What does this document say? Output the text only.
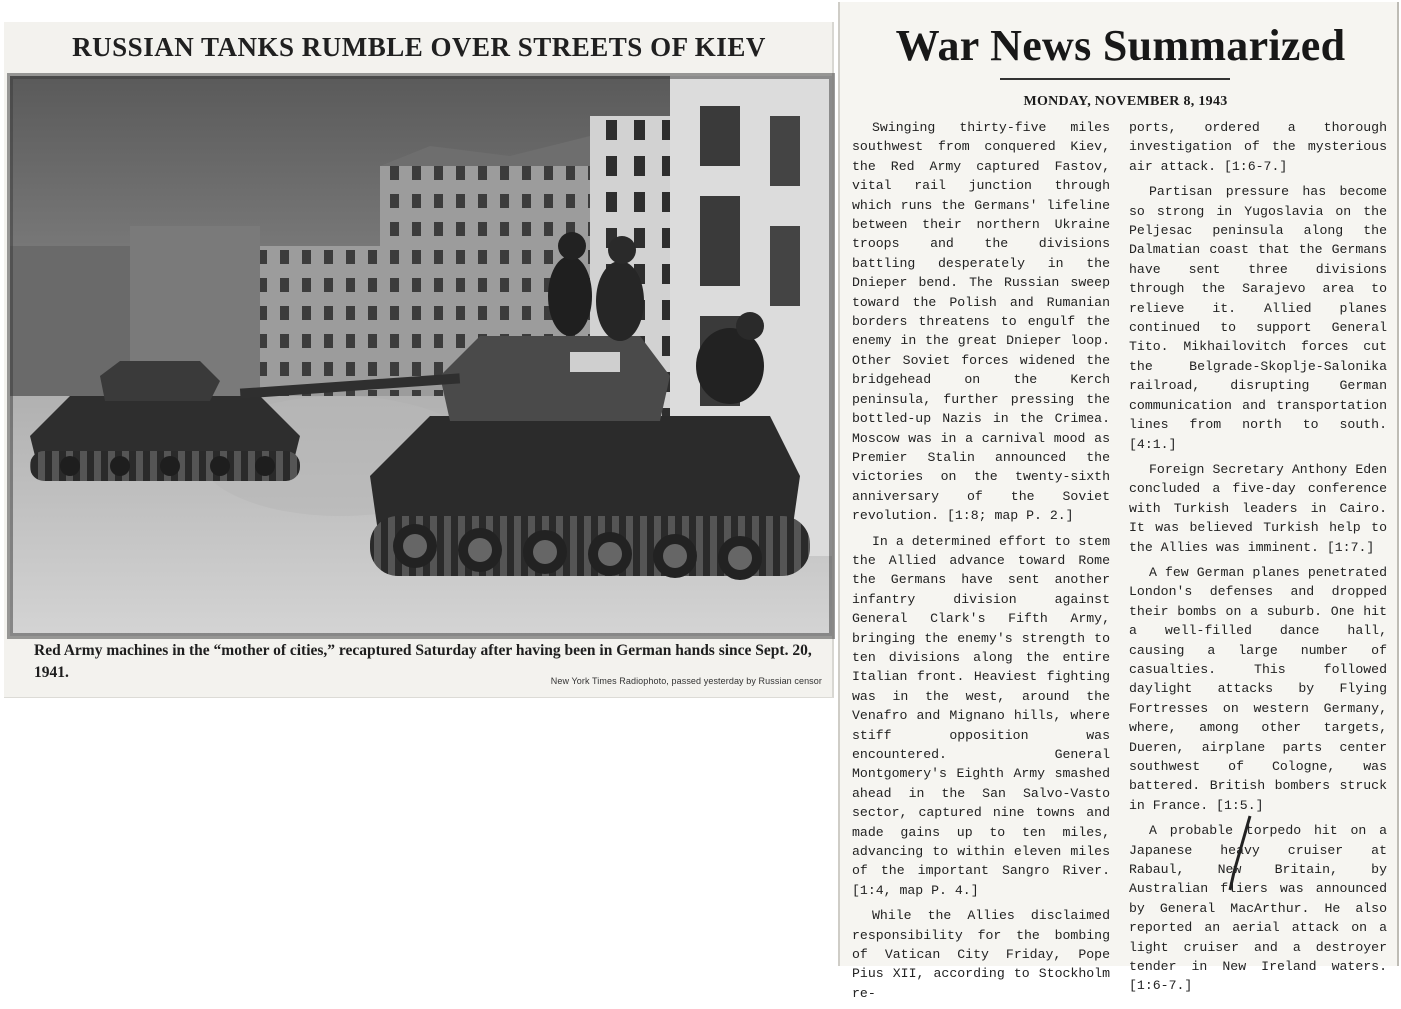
RUSSIAN TANKS RUMBLE OVER STREETS OF KIEV
Red Army machines in the “mother of cities,” recaptured Saturday after having been in German hands since Sept. 20, 1941.	New York Times Radiophoto, passed yesterday by Russian censor
War News Summarized
MONDAY, NOVEMBER 8, 1943

Swinging thirty-five miles southwest from conquered Kiev, the Red Army captured Fastov, vital rail junction through which runs the Germans' lifeline between their northern Ukraine troops and the divisions battling desperately in the Dnieper bend. The Russian sweep toward the Polish and Rumanian borders threatens to engulf the enemy in the great Dnieper loop. Other Soviet forces widened the bridgehead on the Kerch peninsula, further pressing the bottled-up Nazis in the Crimea. Moscow was in a carnival mood as Premier Stalin announced the victories on the twenty-sixth anniversary of the Soviet revolution. [1:8; map P. 2.]

In a determined effort to stem the Allied advance toward Rome the Germans have sent another infantry division against General Clark's Fifth Army, bringing the enemy's strength to ten divisions along the entire Italian front. Heaviest fighting was in the west, around the Venafro and Mignano hills, where stiff opposition was encountered. General Montgomery's Eighth Army smashed ahead in the San Salvo-Vasto sector, captured nine towns and made gains up to ten miles, advancing to within eleven miles of the important Sangro River. [1:4, map P. 4.]

While the Allies disclaimed responsibility for the bombing of Vatican City Friday, Pope Pius XII, according to Stockholm re-

ports, ordered a thorough investigation of the mysterious air attack. [1:6-7.]

Partisan pressure has become so strong in Yugoslavia on the Peljesac peninsula along the Dalmatian coast that the Germans have sent three divisions through the Sarajevo area to relieve it. Allied planes continued to support General Tito. Mikhailovitch forces cut the Belgrade-Skoplje-Salonika railroad, disrupting German communication and transportation lines from north to south. [4:1.]

Foreign Secretary Anthony Eden concluded a five-day conference with Turkish leaders in Cairo. It was believed Turkish help to the Allies was imminent. [1:7.]

A few German planes penetrated London's defenses and dropped their bombs on a suburb. One hit a well-filled dance hall, causing a large number of casualties. This followed daylight attacks by Flying Fortresses on western Germany, where, among other targets, Dueren, airplane parts center southwest of Cologne, was battered. British bombers struck in France. [1:5.]

A probable torpedo hit on a Japanese heavy cruiser at Rabaul, New Britain, by Australian fliers was announced by General MacArthur. He also reported an aerial attack on a light cruiser and a destroyer tender in New Ireland waters. [1:6-7.]
